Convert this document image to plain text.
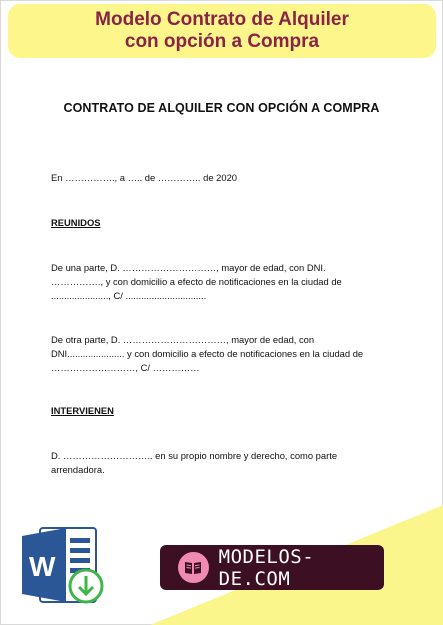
Modelo Contrato de Alquiler
con opción a Compra
CONTRATO DE ALQUILER CON OPCIÓN A COMPRA
En ……………., a ….. de ………….. de 2020
REUNIDOS
De una parte, D. …………………………, mayor de edad, con DNI.
……………., y con domicilio a efecto de notificaciones en la ciudad de
......................, C/ ...............................
De otra parte, D. ……………………………, mayor de edad, con
DNI...................... y con domicilio a efecto de notificaciones en la ciudad de
………………………, C/ ……………
INTERVIENEN
D. ……………………….. en su propio nombre y derecho, como parte
arrendadora.
W	MODELOS-DE.COM
